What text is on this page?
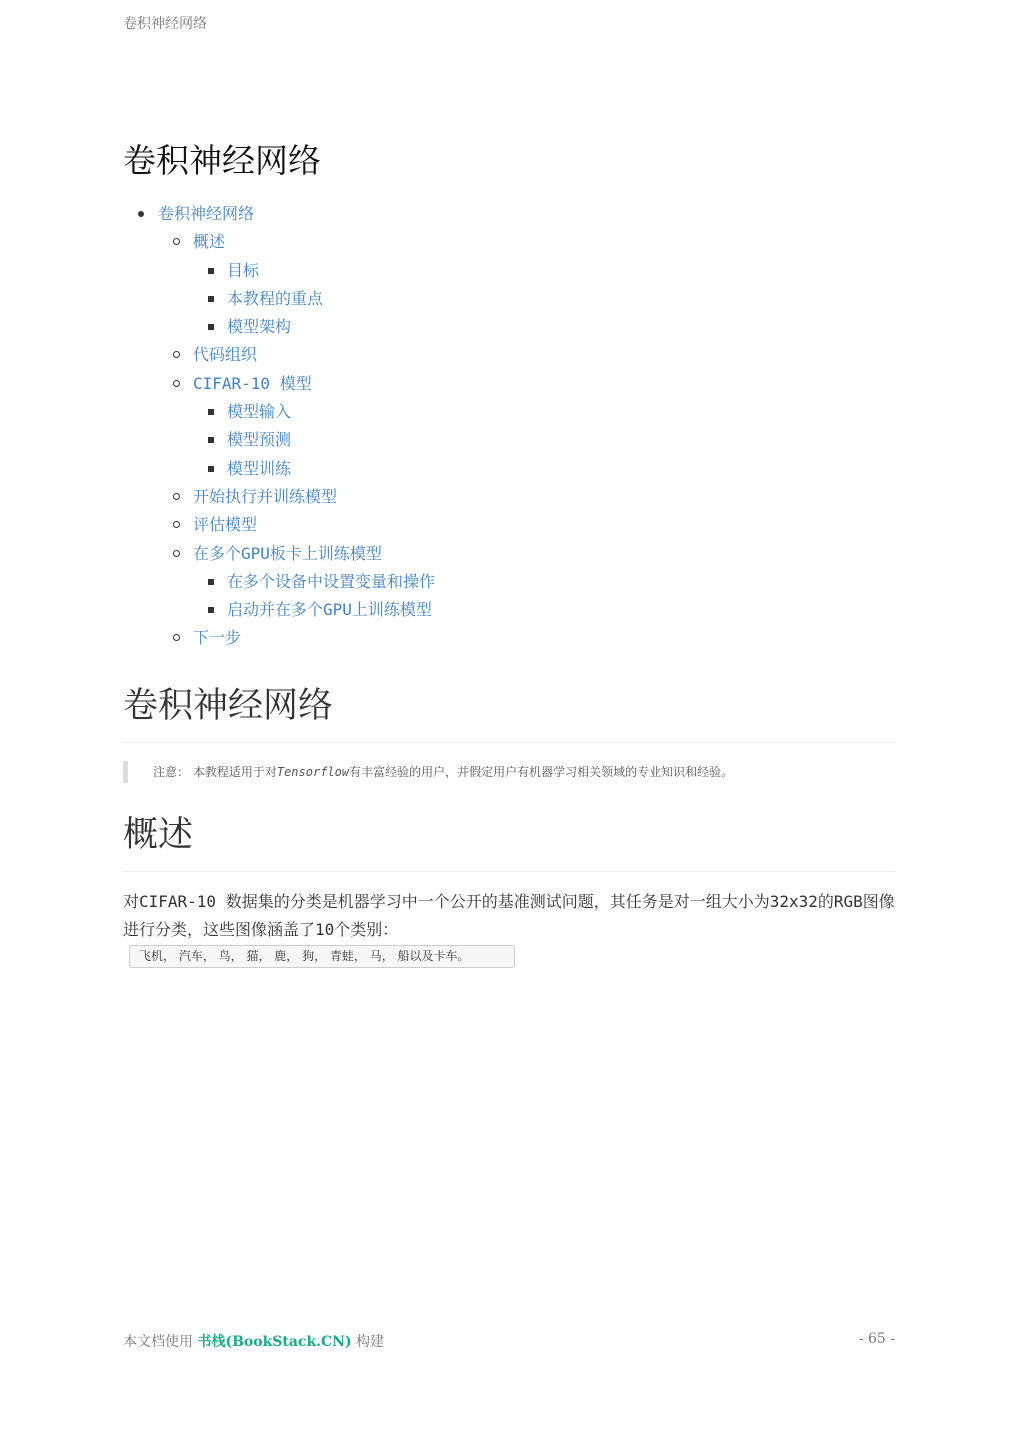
卷积神经网络
卷积神经网络
卷积神经网络
概述
目标
本教程的重点
模型架构
代码组织
CIFAR-10 模型
模型输入
模型预测
模型训练
开始执行并训练模型
评估模型
在多个GPU板卡上训练模型
在多个设备中设置变量和操作
启动并在多个GPU上训练模型
下一步
卷积神经网络
注意： 本教程适用于对Tensorflow有丰富经验的用户，并假定用户有机器学习相关领域的专业知识和经验。
概述

对CIFAR-10 数据集的分类是机器学习中一个公开的基准测试问题，其任务是对一组大小为32x32的RGB图像进行分类，这些图像涵盖了10个类别：

飞机， 汽车， 鸟， 猫， 鹿， 狗， 青蛙， 马， 船以及卡车。
本文档使用 书栈(BookStack.CN) 构建	- 65 -
